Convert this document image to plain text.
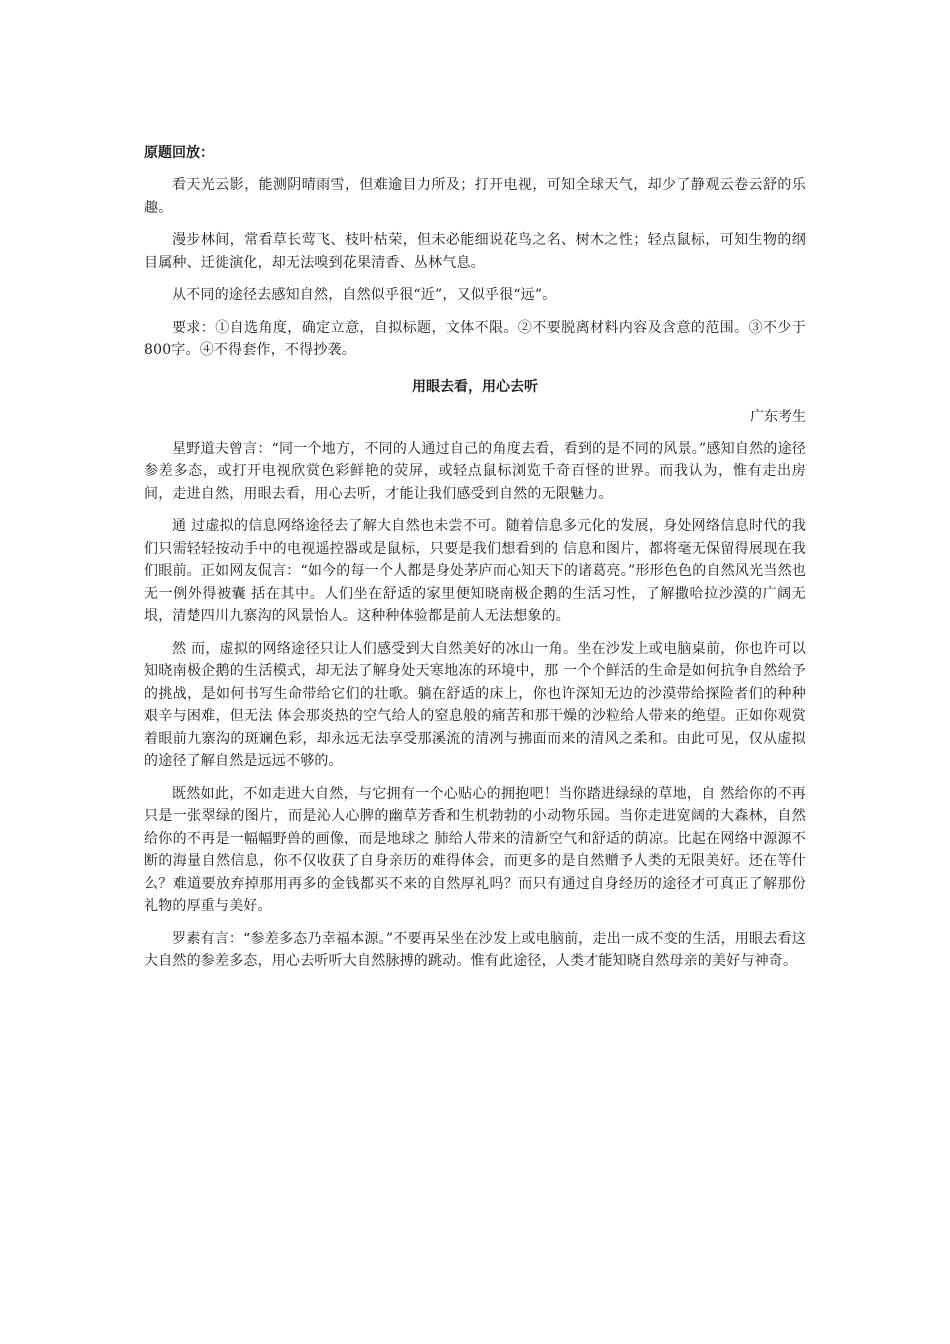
原题回放：

看天光云影，能测阴晴雨雪，但难逾目力所及；打开电视，可知全球天气，却少了静观云卷云舒的乐趣。

漫步林间，常看草长莺飞、枝叶枯荣，但未必能细说花鸟之名、树木之性；轻点鼠标，可知生物的纲目属种、迁徙演化，却无法嗅到花果清香、丛林气息。

从不同的途径去感知自然，自然似乎很“近”，又似乎很“远”。

要求：①自选角度，确定立意，自拟标题，文体不限。②不要脱离材料内容及含意的范围。③不少于800字。④不得套作，不得抄袭。

用眼去看，用心去听
广东考生

星野道夫曾言：“同一个地方，不同的人通过自己的角度去看，看到的是不同的风景。”感知自然的途径参差多态，或打开电视欣赏色彩鲜艳的荧屏，或轻点鼠标浏览千奇百怪的世界。而我认为，惟有走出房间，走进自然，用眼去看，用心去听，才能让我们感受到自然的无限魅力。

通 过虚拟的信息网络途径去了解大自然也未尝不可。随着信息多元化的发展，身处网络信息时代的我们只需轻轻按动手中的电视遥控器或是鼠标，只要是我们想看到的 信息和图片，都将毫无保留得展现在我们眼前。正如网友侃言：“如今的每一个人都是身处茅庐而心知天下的诸葛亮。”形形色色的自然风光当然也无一例外得被囊 括在其中。人们坐在舒适的家里便知晓南极企鹅的生活习性，了解撒哈拉沙漠的广阔无垠，清楚四川九寨沟的风景怡人。这种种体验都是前人无法想象的。

然 而，虚拟的网络途径只让人们感受到大自然美好的冰山一角。坐在沙发上或电脑桌前，你也许可以知晓南极企鹅的生活模式，却无法了解身处天寒地冻的环境中，那 一个个鲜活的生命是如何抗争自然给予的挑战，是如何书写生命带给它们的壮歌。躺在舒适的床上，你也许深知无边的沙漠带给探险者们的种种艰辛与困难，但无法 体会那炎热的空气给人的窒息般的痛苦和那干燥的沙粒给人带来的绝望。正如你观赏着眼前九寨沟的斑斓色彩，却永远无法享受那溪流的清冽与拂面而来的清风之柔和。由此可见，仅从虚拟的途径了解自然是远远不够的。

既然如此，不如走进大自然，与它拥有一个心贴心的拥抱吧！当你踏进绿绿的草地，自 然给你的不再只是一张翠绿的图片，而是沁人心脾的幽草芳香和生机勃勃的小动物乐园。当你走进宽阔的大森林，自然给你的不再是一幅幅野兽的画像，而是地球之 肺给人带来的清新空气和舒适的荫凉。比起在网络中源源不断的海量自然信息，你不仅收获了自身亲历的难得体会，而更多的是自然赠予人类的无限美好。还在等什 么？难道要放弃掉那用再多的金钱都买不来的自然厚礼吗？而只有通过自身经历的途径才可真正了解那份礼物的厚重与美好。

罗素有言：“参差多态乃幸福本源。”不要再呆坐在沙发上或电脑前，走出一成不变的生活，用眼去看这大自然的参差多态，用心去听听大自然脉搏的跳动。惟有此途径，人类才能知晓自然母亲的美好与神奇。
